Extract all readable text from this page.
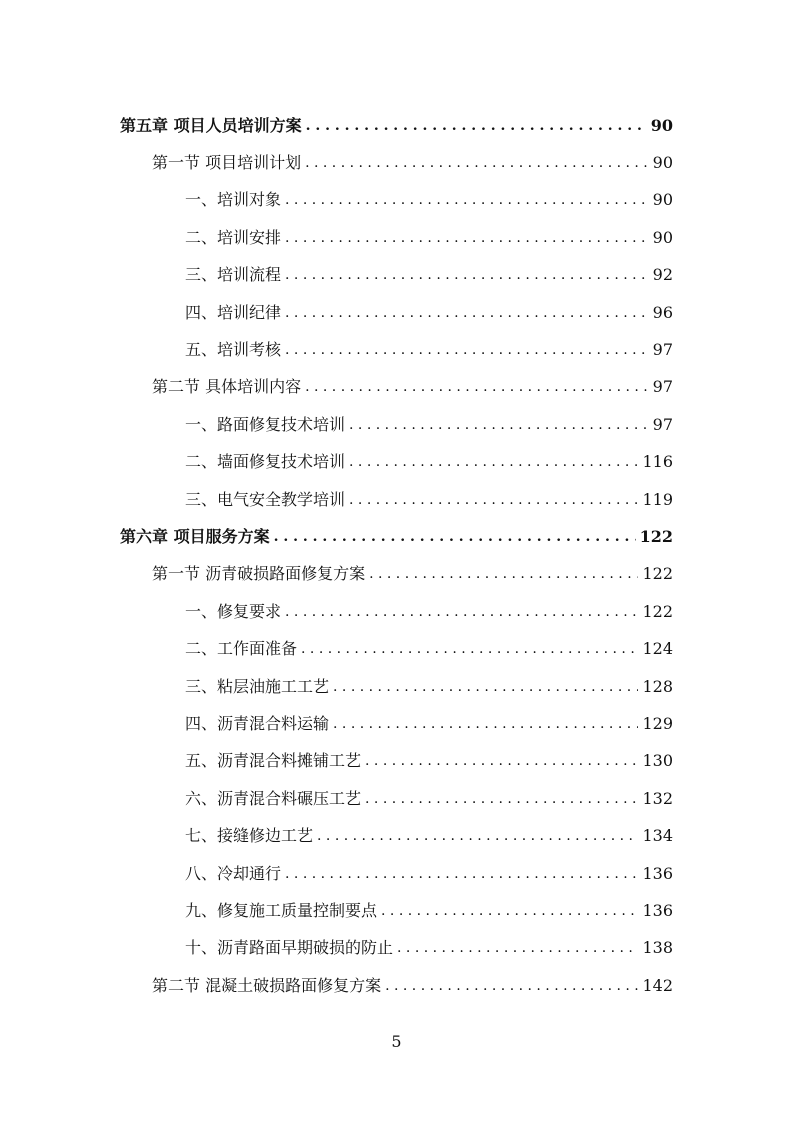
第五章 项目人员培训方案 . . .	90
第一节 项目培训计划 . . .	90
一、培训对象 . . .	90
二、培训安排 . . .	90
三、培训流程 . . .	92
四、培训纪律 . . .	96
五、培训考核 . . .	97
第二节 具体培训内容 . . .	97
一、路面修复技术培训 . . .	97
二、墙面修复技术培训 . . .	116
三、电气安全教学培训 . . .	119
第六章 项目服务方案 . . .	122
第一节 沥青破损路面修复方案 . . .	122
一、修复要求 . . .	122
二、工作面准备 . . .	124
三、粘层油施工工艺 . . .	128
四、沥青混合料运输 . . .	129
五、沥青混合料摊铺工艺 . . .	130
六、沥青混合料碾压工艺 . . .	132
七、接缝修边工艺 . . .	134
八、冷却通行 . . .	136
九、修复施工质量控制要点 . . .	136
十、沥青路面早期破损的防止 . . .	138
第二节 混凝土破损路面修复方案 . . .	142
5
